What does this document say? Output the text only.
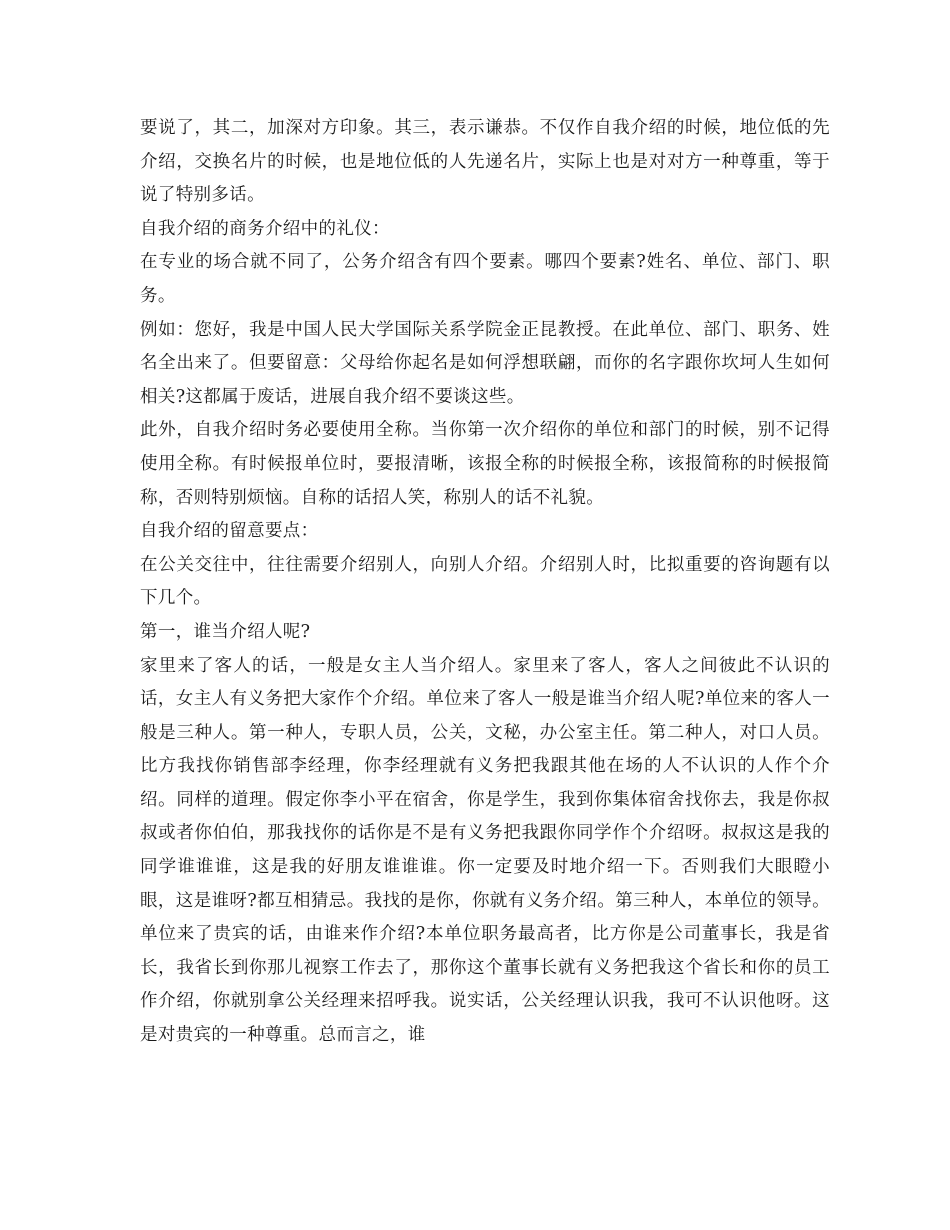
要说了，其二，加深对方印象。其三，表示谦恭。不仅作自我介绍的时候，地位低的先介绍，交换名片的时候，也是地位低的人先递名片，实际上也是对对方一种尊重，等于说了特别多话。

自我介绍的商务介绍中的礼仪：

在专业的场合就不同了，公务介绍含有四个要素。哪四个要素?姓名、单位、部门、职务。

例如：您好，我是中国人民大学国际关系学院金正昆教授。在此单位、部门、职务、姓名全出来了。但要留意：父母给你起名是如何浮想联翩，而你的名字跟你坎坷人生如何相关?这都属于废话，进展自我介绍不要谈这些。

此外，自我介绍时务必要使用全称。当你第一次介绍你的单位和部门的时候，别不记得使用全称。有时候报单位时，要报清晰，该报全称的时候报全称，该报简称的时候报简称，否则特别烦恼。自称的话招人笑，称别人的话不礼貌。

自我介绍的留意要点：

在公关交往中，往往需要介绍别人，向别人介绍。介绍别人时，比拟重要的咨询题有以下几个。

第一，谁当介绍人呢?

家里来了客人的话，一般是女主人当介绍人。家里来了客人，客人之间彼此不认识的话，女主人有义务把大家作个介绍。单位来了客人一般是谁当介绍人呢?单位来的客人一般是三种人。第一种人，专职人员，公关，文秘，办公室主任。第二种人，对口人员。比方我找你销售部李经理，你李经理就有义务把我跟其他在场的人不认识的人作个介绍。同样的道理。假定你李小平在宿舍，你是学生，我到你集体宿舍找你去，我是你叔叔或者你伯伯，那我找你的话你是不是有义务把我跟你同学作个介绍呀。叔叔这是我的同学谁谁谁，这是我的好朋友谁谁谁。你一定要及时地介绍一下。否则我们大眼瞪小眼，这是谁呀?都互相猜忌。我找的是你，你就有义务介绍。第三种人，本单位的领导。单位来了贵宾的话，由谁来作介绍?本单位职务最高者，比方你是公司董事长，我是省长，我省长到你那儿视察工作去了，那你这个董事长就有义务把我这个省长和你的员工作介绍，你就别拿公关经理来招呼我。说实话，公关经理认识我，我可不认识他呀。这是对贵宾的一种尊重。总而言之，谁
